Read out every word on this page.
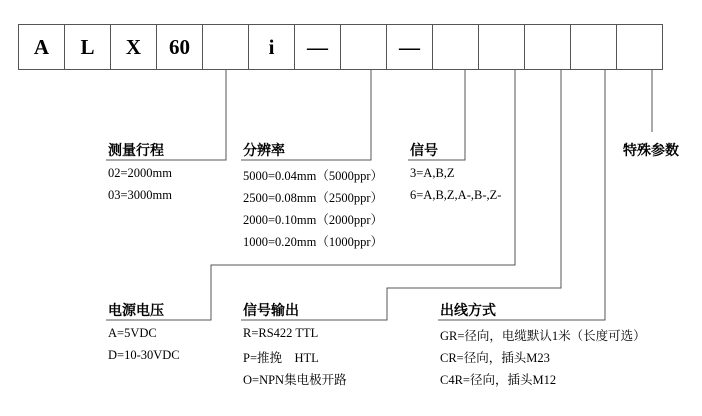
A	L	X	60	i	—	—
测量行程
02=2000mm
03=3000mm
分辨率
5000=0.04mm（5000ppr）
2500=0.08mm（2500ppr）
2000=0.10mm（2000ppr）
1000=0.20mm（1000ppr）
信号
3=A,B,Z
6=A,B,Z,A-,B-,Z-
特殊参数
电源电压
A=5VDC
D=10-30VDC
信号输出
R=RS422 TTL
P=推挽    HTL
O=NPN集电极开路
出线方式
GR=径向，电缆默认1米（长度可选）
CR=径向，插头M23
C4R=径向，插头M12
